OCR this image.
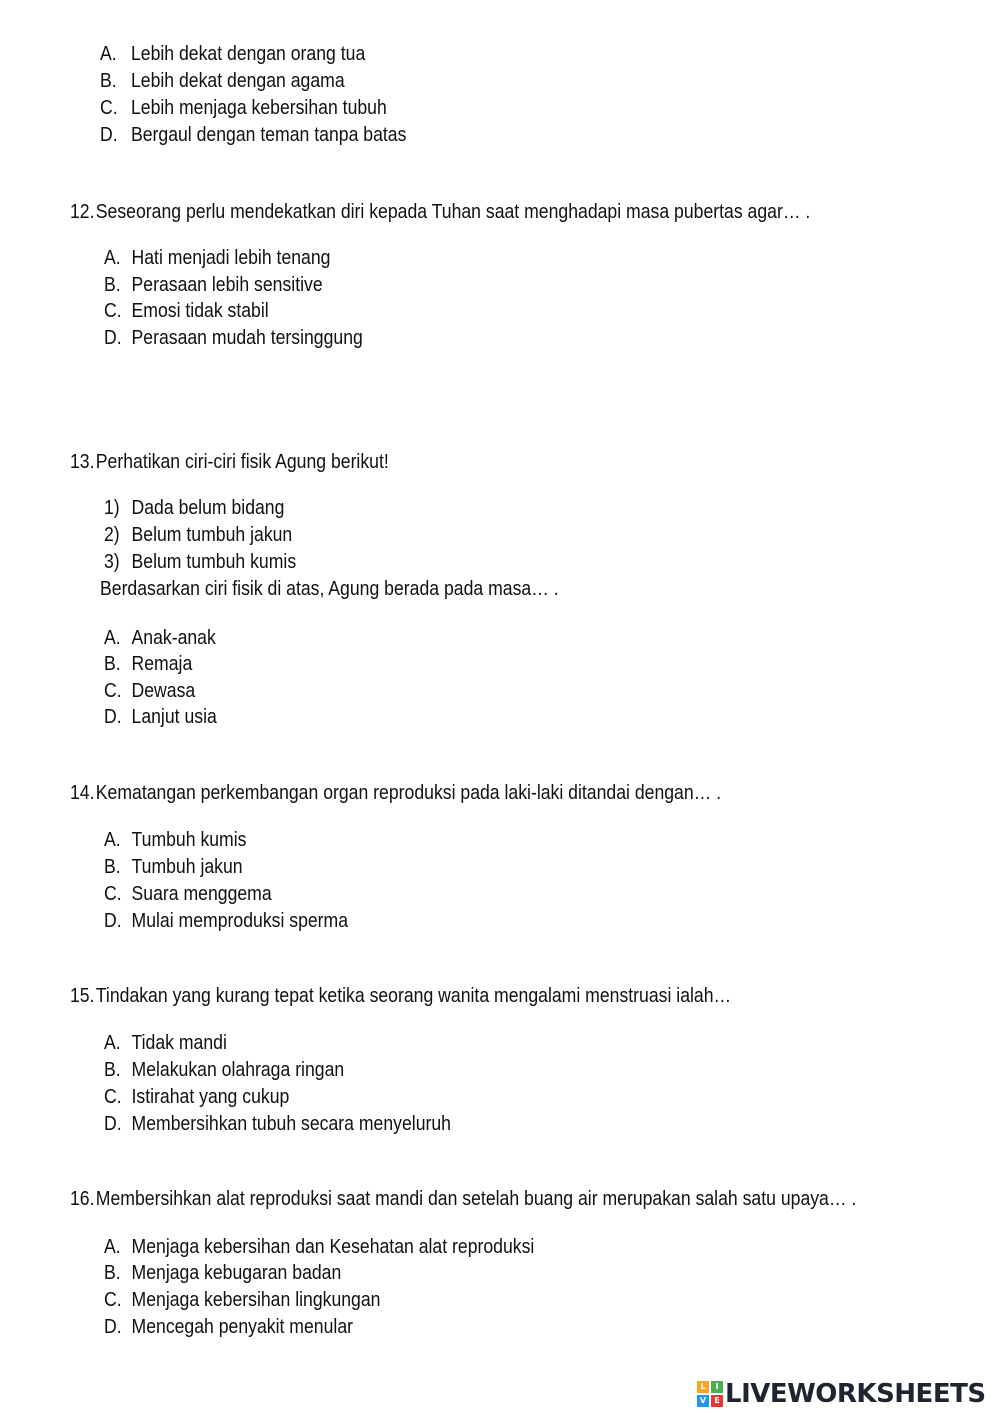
A. Lebih dekat dengan orang tua
B. Lebih dekat dengan agama
C. Lebih menjaga kebersihan tubuh
D. Bergaul dengan teman tanpa batas
12.Seseorang perlu mendekatkan diri kepada Tuhan saat menghadapi masa pubertas agar… .
A. Hati menjadi lebih tenang
B. Perasaan lebih sensitive
C. Emosi tidak stabil
D. Perasaan mudah tersinggung
13.Perhatikan ciri-ciri fisik Agung berikut!
1) Dada belum bidang
2) Belum tumbuh jakun
3) Belum tumbuh kumis
Berdasarkan ciri fisik di atas, Agung berada pada masa… .
A. Anak-anak
B. Remaja
C. Dewasa
D. Lanjut usia
14.Kematangan perkembangan organ reproduksi pada laki-laki ditandai dengan… .
A. Tumbuh kumis
B. Tumbuh jakun
C. Suara menggema
D. Mulai memproduksi sperma
15.Tindakan yang kurang tepat ketika seorang wanita mengalami menstruasi ialah…
A. Tidak mandi
B. Melakukan olahraga ringan
C. Istirahat yang cukup
D. Membersihkan tubuh secara menyeluruh
16.Membersihkan alat reproduksi saat mandi dan setelah buang air merupakan salah satu upaya… .
A. Menjaga kebersihan dan Kesehatan alat reproduksi
B. Menjaga kebugaran badan
C. Menjaga kebersihan lingkungan
D. Mencegah penyakit menular
L	I
V	E LIVEWORKSHEETS
